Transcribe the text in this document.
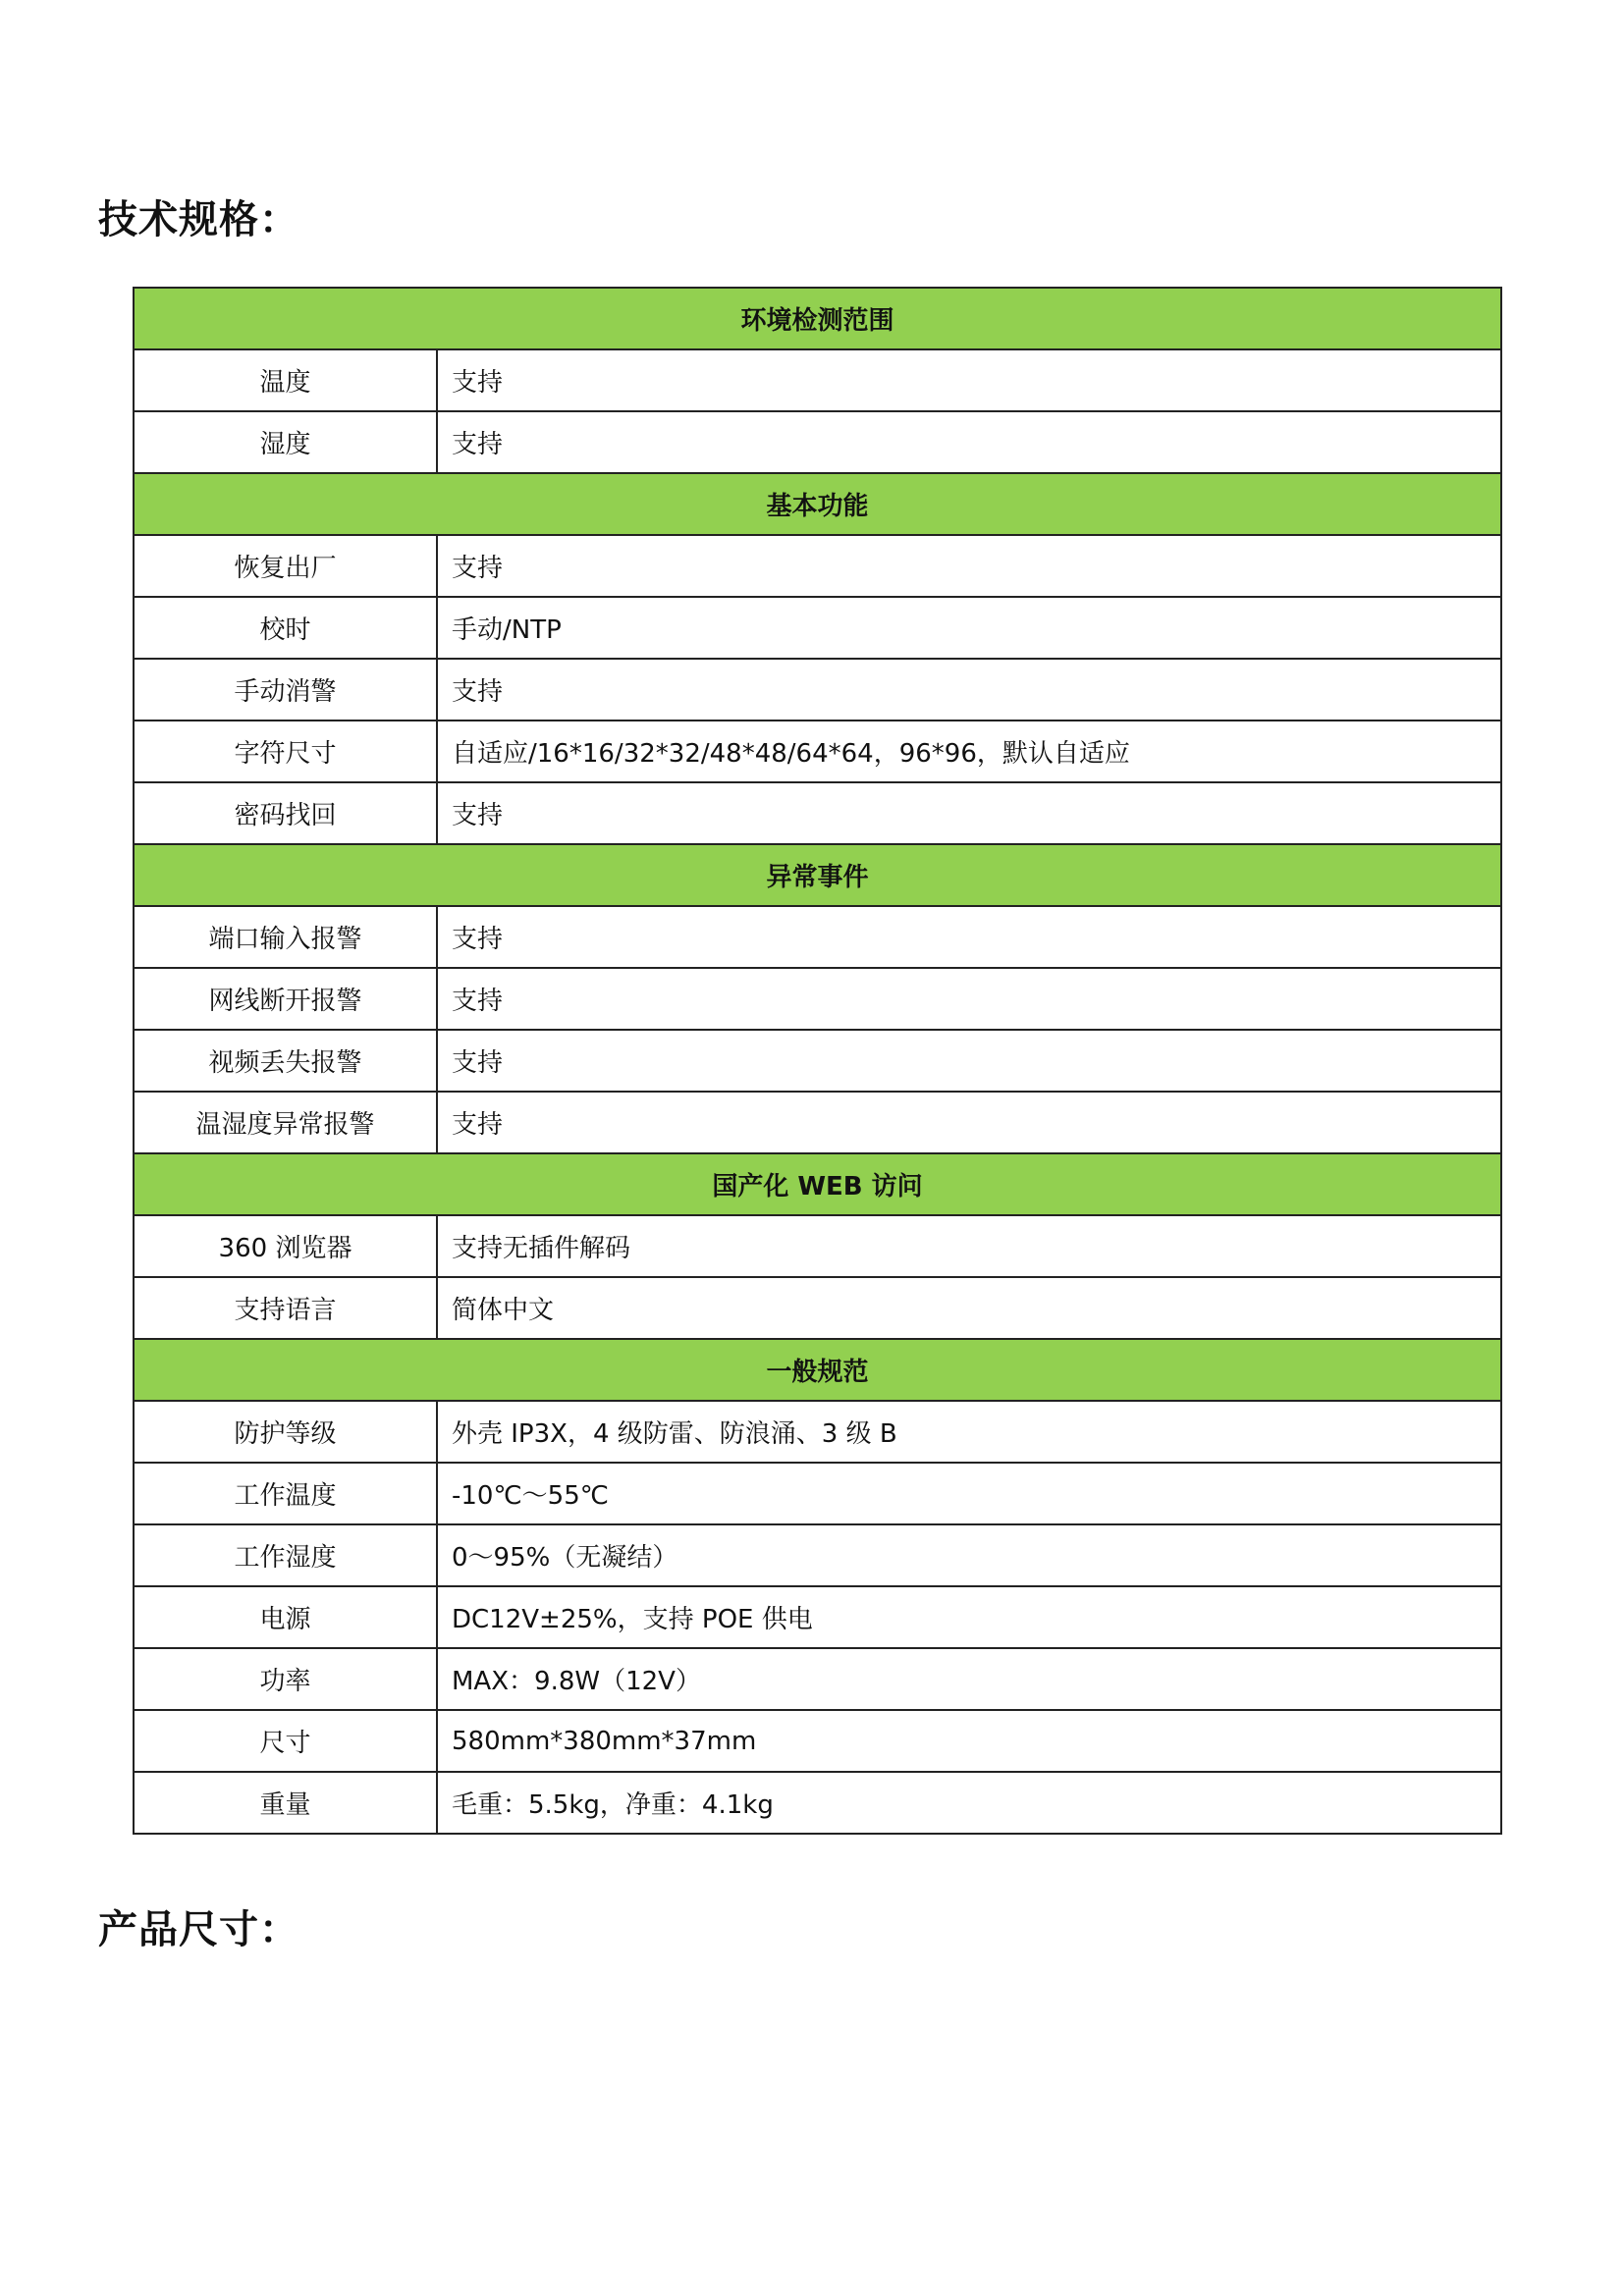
技术规格：
环境检测范围	
温度	支持
湿度	支持
基本功能	
恢复出厂	支持
校时	手动/NTP
手动消警	支持
字符尺寸	自适应/16*16/32*32/48*48/64*64，96*96，默认自适应
密码找回	支持
异常事件	
端口输入报警	支持
网线断开报警	支持
视频丢失报警	支持
温湿度异常报警	支持
国产化 WEB 访问	
360 浏览器	支持无插件解码
支持语言	简体中文
一般规范	
防护等级	外壳 IP3X，4 级防雷、防浪涌、3 级 B
工作温度	-10℃～55℃
工作湿度	0～95%（无凝结）
电源	DC12V±25%，支持 POE 供电
功率	MAX：9.8W（12V）
尺寸	580mm*380mm*37mm
重量	毛重：5.5kg，净重：4.1kg
产品尺寸：
